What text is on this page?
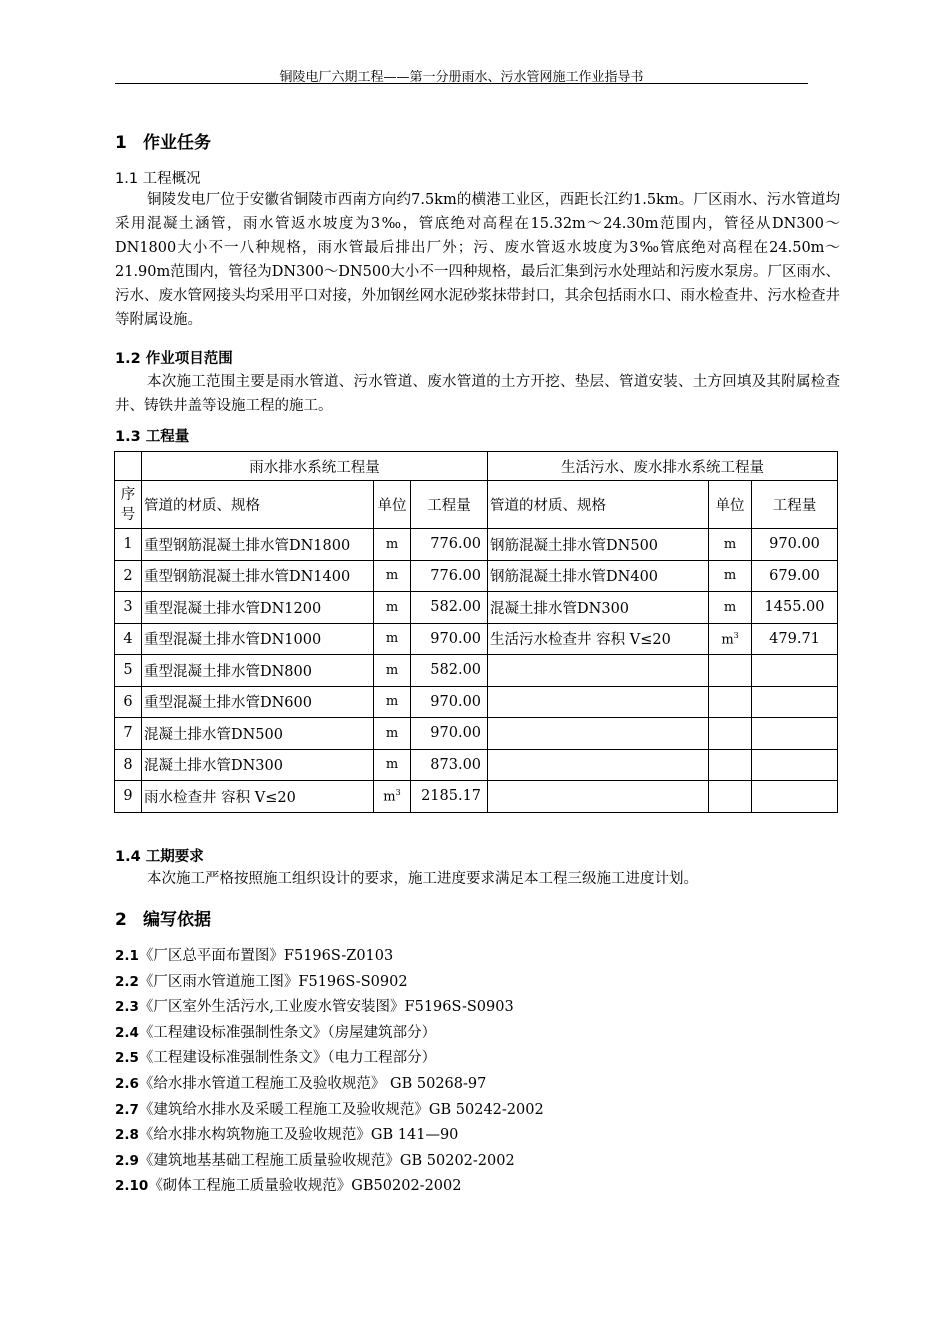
铜陵电厂六期工程——第一分册雨水、污水管网施工作业指导书
1 作业任务
1.1 工程概况
铜陵发电厂位于安徽省铜陵市西南方向约7.5km的横港工业区，西距长江约1.5km。厂区雨水、污水管道均采用混凝土涵管，雨水管返水坡度为3‰，管底绝对高程在15.32m～24.30m范围内，管径从DN300～DN1800大小不一八种规格，雨水管最后排出厂外；污、废水管返水坡度为3‰管底绝对高程在24.50m～21.90m范围内，管径为DN300～DN500大小不一四种规格，最后汇集到污水处理站和污废水泵房。厂区雨水、污水、废水管网接头均采用平口对接，外加钢丝网水泥砂浆抹带封口，其余包括雨水口、雨水检查井、污水检查井等附属设施。
1.2 作业项目范围
本次施工范围主要是雨水管道、污水管道、废水管道的土方开挖、垫层、管道安装、土方回填及其附属检查井、铸铁井盖等设施工程的施工。
1.3 工程量
	雨水排水系统工程量			生活污水、废水排水系统工程量		
序号	管道的材质、规格	单位	工程量	管道的材质、规格	单位	工程量
1	重型钢筋混凝土排水管DN1800	m	776.00	钢筋混凝土排水管DN500	m	970.00
2	重型钢筋混凝土排水管DN1400	m	776.00	钢筋混凝土排水管DN400	m	679.00
3	重型混凝土排水管DN1200	m	582.00	混凝土排水管DN300	m	1455.00
4	重型混凝土排水管DN1000	m	970.00	生活污水检查井 容积 V≤20	$m^3$	479.71
5	重型混凝土排水管DN800	m	582.00			
6	重型混凝土排水管DN600	m	970.00			
7	混凝土排水管DN500	m	970.00			
8	混凝土排水管DN300	m	873.00			
9	雨水检查井 容积 V≤20	$m^3$	2185.17			
1.4 工期要求
本次施工严格按照施工组织设计的要求，施工进度要求满足本工程三级施工进度计划。
2 编写依据
2.1《厂区总平面布置图》F5196S-Z0103
2.2《厂区雨水管道施工图》F5196S-S0902
2.3《厂区室外生活污水,工业废水管安装图》F5196S-S0903
2.4《工程建设标准强制性条文》（房屋建筑部分）
2.5《工程建设标准强制性条文》（电力工程部分）
2.6《给水排水管道工程施工及验收规范》 GB 50268-97
2.7《建筑给水排水及采暖工程施工及验收规范》GB 50242-2002
2.8《给水排水构筑物施工及验收规范》GB 141—90
2.9《建筑地基基础工程施工质量验收规范》GB 50202-2002
2.10《砌体工程施工质量验收规范》GB50202-2002
